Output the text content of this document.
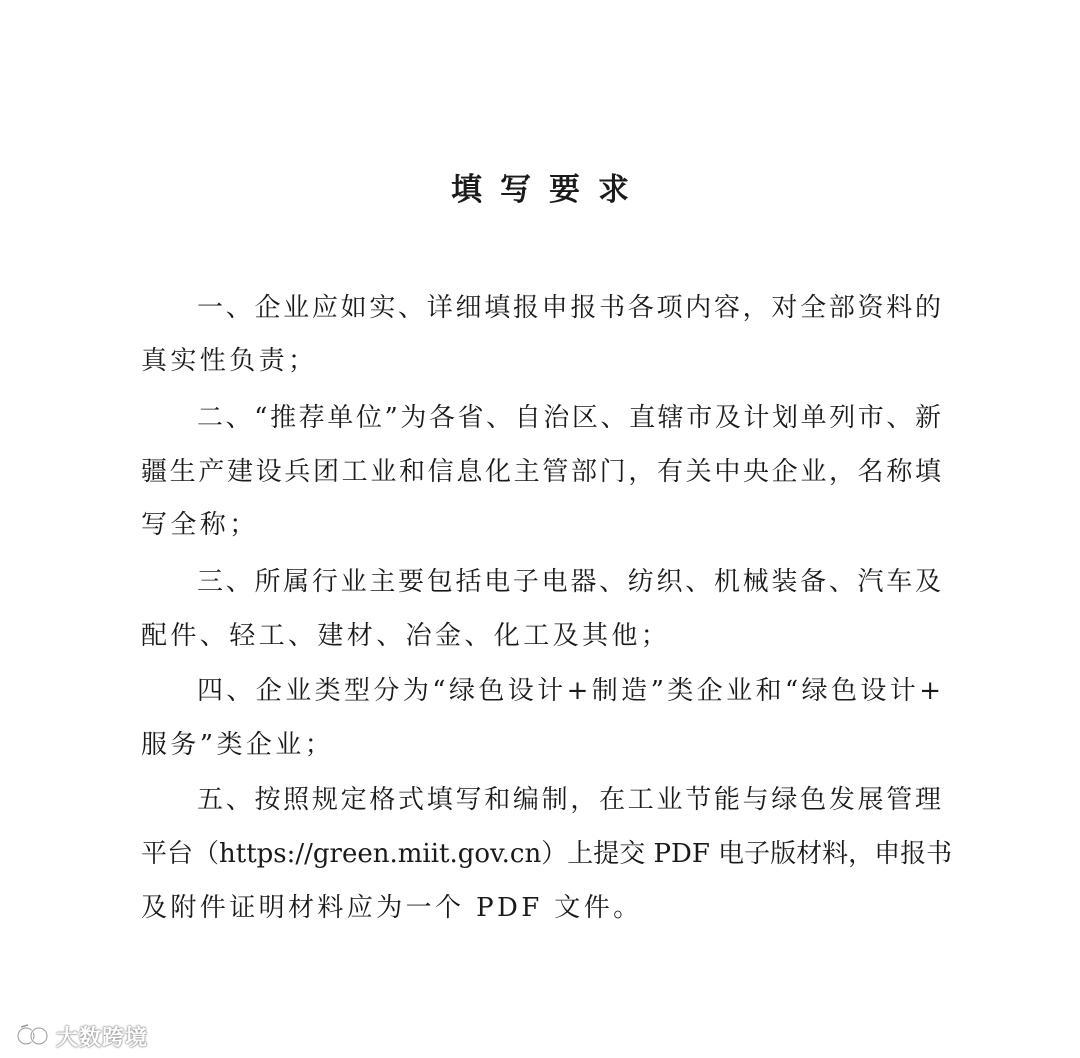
填写要求
一、企业应如实、详细填报申报书各项内容，对全部资料的
真实性负责；
二、“推荐单位”为各省、自治区、直辖市及计划单列市、新
疆生产建设兵团工业和信息化主管部门，有关中央企业，名称填
写全称；
三、所属行业主要包括电子电器、纺织、机械装备、汽车及
配件、轻工、建材、冶金、化工及其他；
四、企业类型分为“绿色设计+制造”类企业和“绿色设计+
服务”类企业；
五、按照规定格式填写和编制，在工业节能与绿色发展管理
平台（https://green.miit.gov.cn）上提交 PDF 电子版材料，申报书
及附件证明材料应为一个 PDF 文件。
大数跨境
